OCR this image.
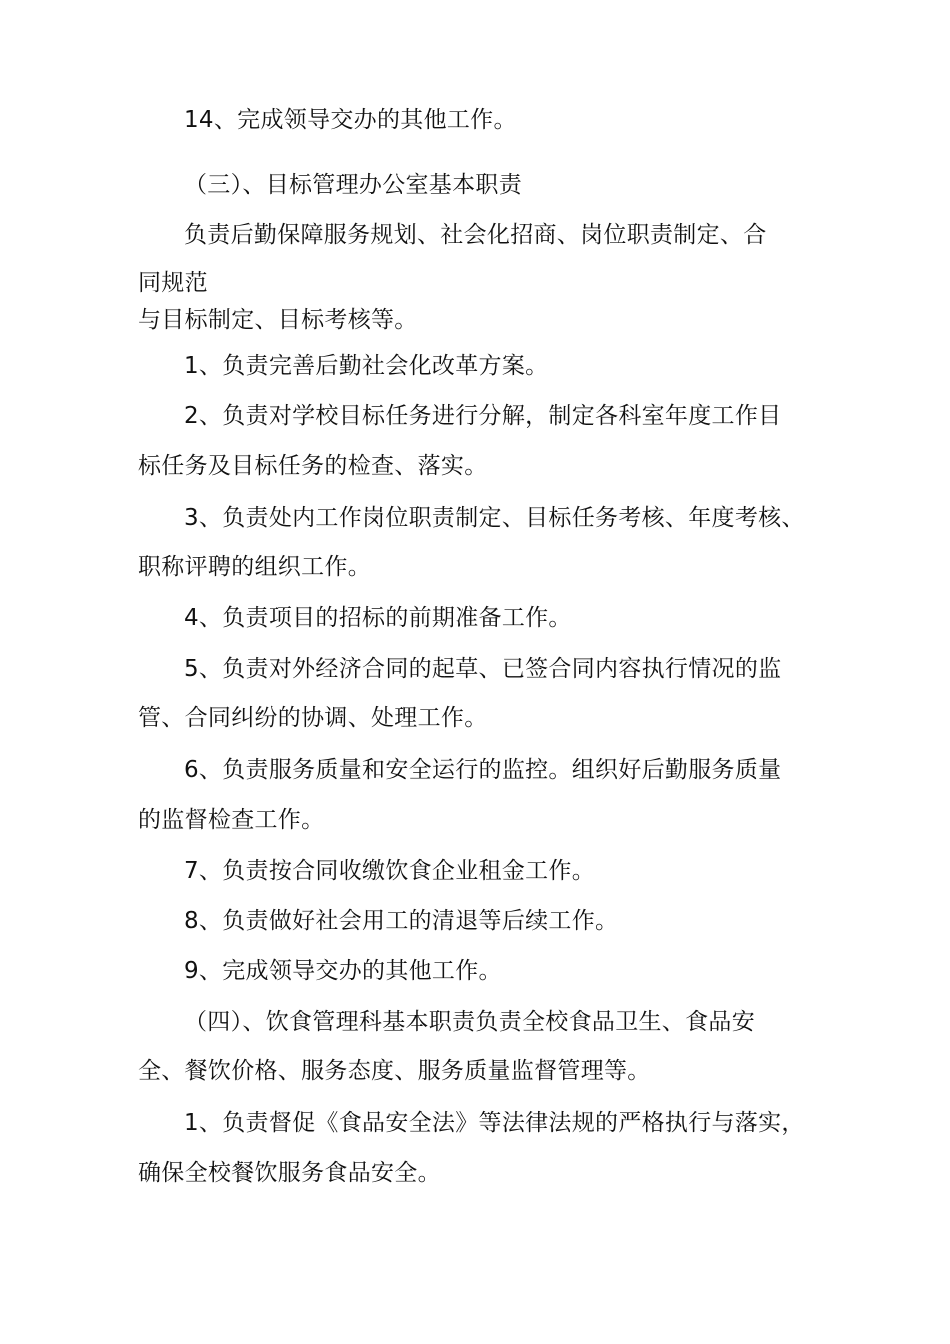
14、完成领导交办的其他工作。
（三）、目标管理办公室基本职责
负责后勤保障服务规划、社会化招商、岗位职责制定、合
同规范
与目标制定、目标考核等。
1、负责完善后勤社会化改革方案。
2、负责对学校目标任务进行分解，制定各科室年度工作目
标任务及目标任务的检查、落实。
3、负责处内工作岗位职责制定、目标任务考核、年度考核、
职称评聘的组织工作。
4、负责项目的招标的前期准备工作。
5、负责对外经济合同的起草、已签合同内容执行情况的监
管、合同纠纷的协调、处理工作。
6、负责服务质量和安全运行的监控。组织好后勤服务质量
的监督检查工作。
7、负责按合同收缴饮食企业租金工作。
8、负责做好社会用工的清退等后续工作。
9、完成领导交办的其他工作。
（四）、饮食管理科基本职责负责全校食品卫生、食品安
全、餐饮价格、服务态度、服务质量监督管理等。
1、负责督促《食品安全法》等法律法规的严格执行与落实，
确保全校餐饮服务食品安全。
